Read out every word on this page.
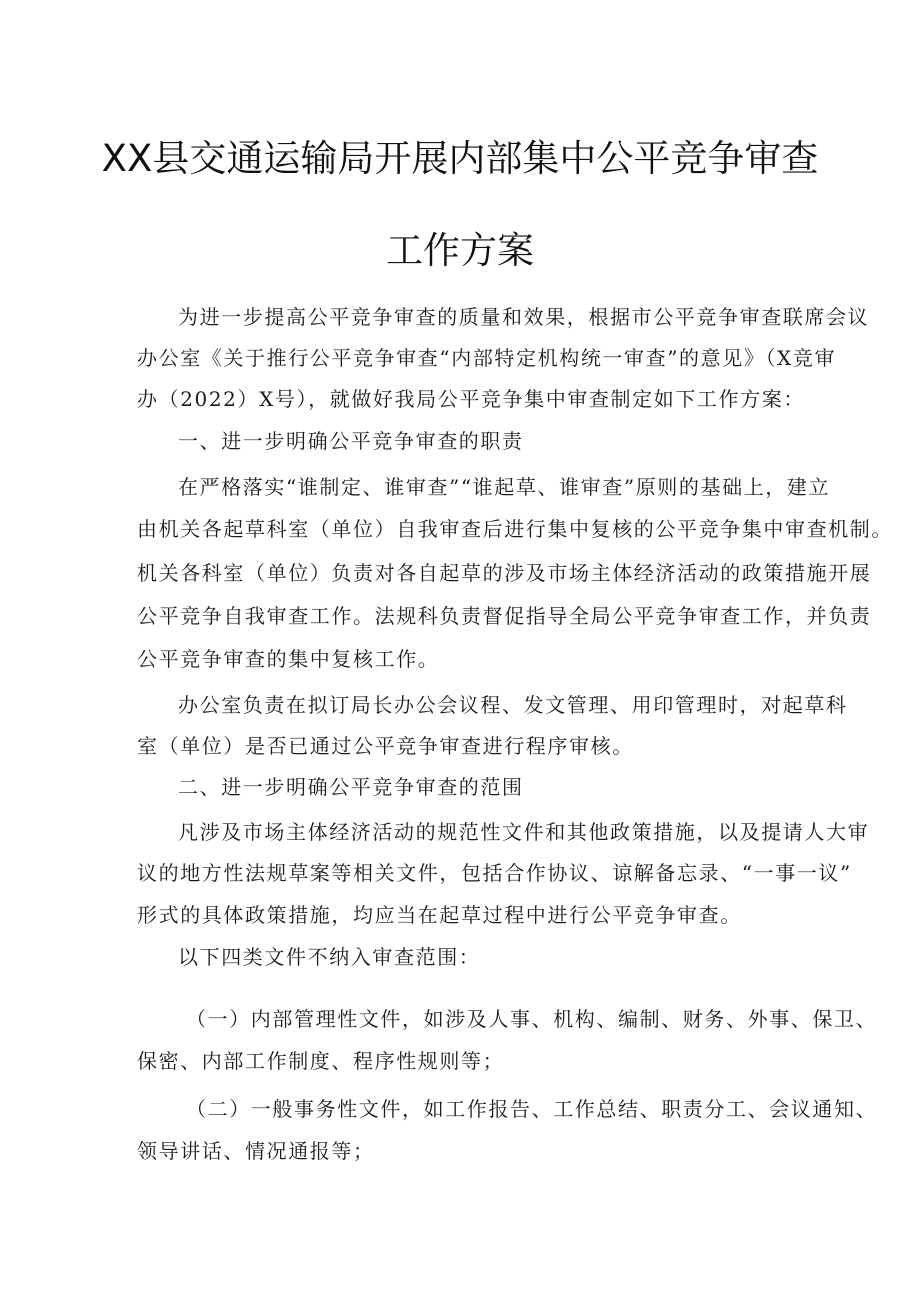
XX县交通运输局开展内部集中公平竞争审查
工作方案

为进一步提高公平竞争审查的质量和效果，根据市公平竞争审查联席会议

办公室《关于推行公平竞争审查“内部特定机构统一审查”的意见》（X竞审

办（2022）X号），就做好我局公平竞争集中审查制定如下工作方案：

一、进一步明确公平竞争审查的职责

在严格落实“谁制定、谁审查”“谁起草、谁审查”原则的基础上，建立

由机关各起草科室（单位）自我审查后进行集中复核的公平竞争集中审查机制。

机关各科室（单位）负责对各自起草的涉及市场主体经济活动的政策措施开展

公平竞争自我审查工作。法规科负责督促指导全局公平竞争审查工作，并负责

公平竞争审查的集中复核工作。

办公室负责在拟订局长办公会议程、发文管理、用印管理时，对起草科

室（单位）是否已通过公平竞争审查进行程序审核。

二、进一步明确公平竞争审查的范围

凡涉及市场主体经济活动的规范性文件和其他政策措施，以及提请人大审

议的地方性法规草案等相关文件，包括合作协议、谅解备忘录、“一事一议”

形式的具体政策措施，均应当在起草过程中进行公平竞争审查。

以下四类文件不纳入审查范围：

（一）内部管理性文件，如涉及人事、机构、编制、财务、外事、保卫、

保密、内部工作制度、程序性规则等；

（二）一般事务性文件，如工作报告、工作总结、职责分工、会议通知、

领导讲话、情况通报等；
